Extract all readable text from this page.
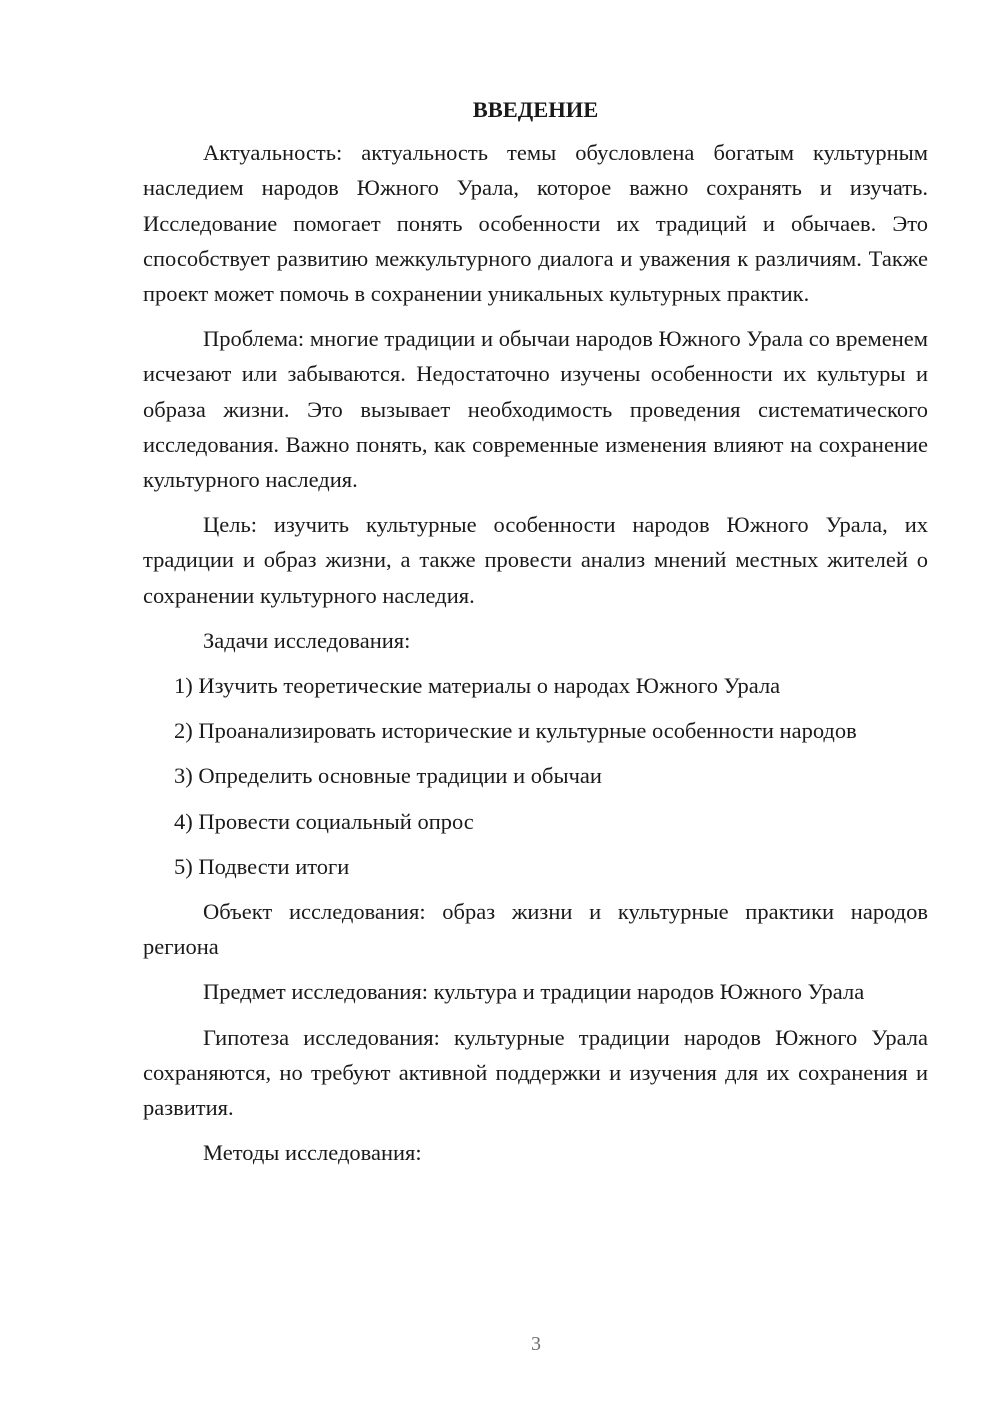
ВВЕДЕНИЕ

Актуальность: актуальность темы обусловлена богатым культурным наследием народов Южного Урала, которое важно сохранять и изучать. Исследование помогает понять особенности их традиций и обычаев. Это способствует развитию межкультурного диалога и уважения к различиям. Также проект может помочь в сохранении уникальных культурных практик.

Проблема: многие традиции и обычаи народов Южного Урала со временем исчезают или забываются. Недостаточно изучены особенности их культуры и образа жизни. Это вызывает необходимость проведения систематического исследования. Важно понять, как современные изменения влияют на сохранение культурного наследия.

Цель: изучить культурные особенности народов Южного Урала, их традиции и образ жизни, а также провести анализ мнений местных жителей о сохранении культурного наследия.

Задачи исследования:

1) Изучить теоретические материалы о народах Южного Урала

2) Проанализировать исторические и культурные особенности народов

3) Определить основные традиции и обычаи

4) Провести социальный опрос

5) Подвести итоги

Объект исследования: образ жизни и культурные практики народов региона

Предмет исследования: культура и традиции народов Южного Урала

Гипотеза исследования: культурные традиции народов Южного Урала сохраняются, но требуют активной поддержки и изучения для их сохранения и развития.

Методы исследования:

3
